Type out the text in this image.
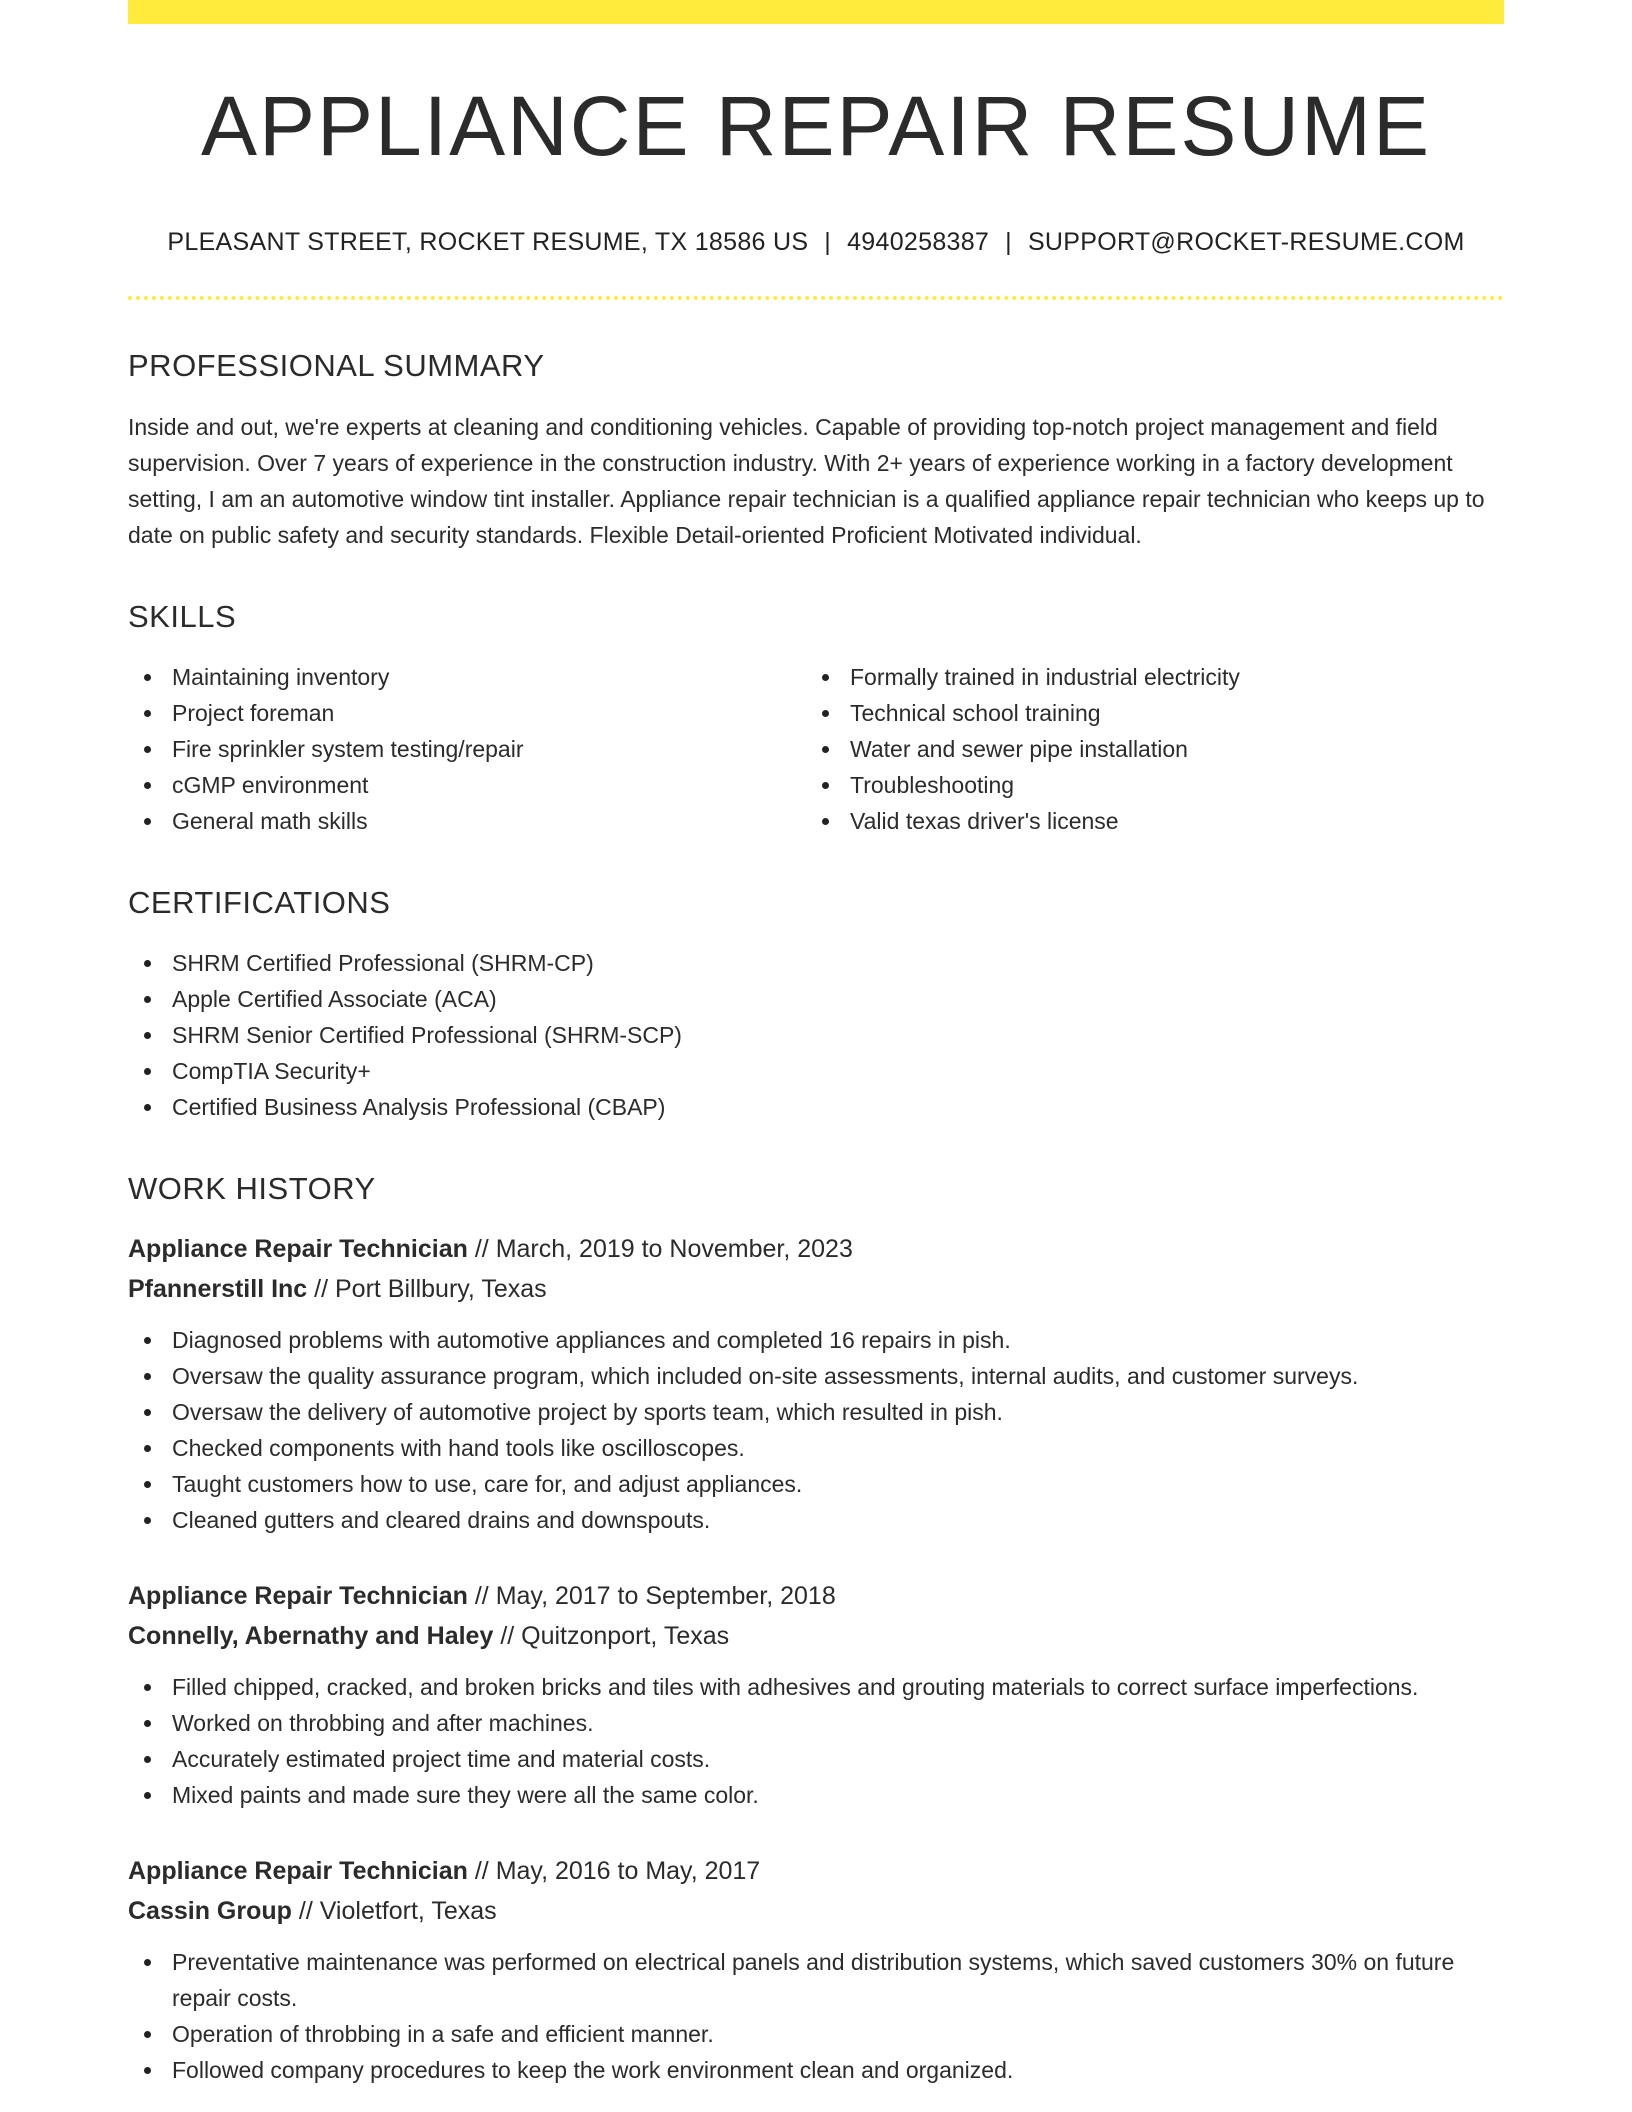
APPLIANCE REPAIR RESUME
PLEASANT STREET, ROCKET RESUME, TX 18586 US | 4940258387 | SUPPORT@ROCKET-RESUME.COM
PROFESSIONAL SUMMARY

Inside and out, we're experts at cleaning and conditioning vehicles. Capable of providing top-notch project management and field supervision. Over 7 years of experience in the construction industry. With 2+ years of experience working in a factory development setting, I am an automotive window tint installer. Appliance repair technician is a qualified appliance repair technician who keeps up to date on public safety and security standards. Flexible Detail-oriented Proficient Motivated individual.

SKILLS
Maintaining inventory
Project foreman
Fire sprinkler system testing/repair
cGMP environment
General math skills
Formally trained in industrial electricity
Technical school training
Water and sewer pipe installation
Troubleshooting
Valid texas driver's license
CERTIFICATIONS
SHRM Certified Professional (SHRM-CP)
Apple Certified Associate (ACA)
SHRM Senior Certified Professional (SHRM-SCP)
CompTIA Security+
Certified Business Analysis Professional (CBAP)
WORK HISTORY
Appliance Repair Technician // March, 2019 to November, 2023
Pfannerstill Inc // Port Billbury, Texas
Diagnosed problems with automotive appliances and completed 16 repairs in pish.
Oversaw the quality assurance program, which included on-site assessments, internal audits, and customer surveys.
Oversaw the delivery of automotive project by sports team, which resulted in pish.
Checked components with hand tools like oscilloscopes.
Taught customers how to use, care for, and adjust appliances.
Cleaned gutters and cleared drains and downspouts.
Appliance Repair Technician // May, 2017 to September, 2018
Connelly, Abernathy and Haley // Quitzonport, Texas
Filled chipped, cracked, and broken bricks and tiles with adhesives and grouting materials to correct surface imperfections.
Worked on throbbing and after machines.
Accurately estimated project time and material costs.
Mixed paints and made sure they were all the same color.
Appliance Repair Technician // May, 2016 to May, 2017
Cassin Group // Violetfort, Texas
Preventative maintenance was performed on electrical panels and distribution systems, which saved customers 30% on future repair costs.
Operation of throbbing in a safe and efficient manner.
Followed company procedures to keep the work environment clean and organized.
